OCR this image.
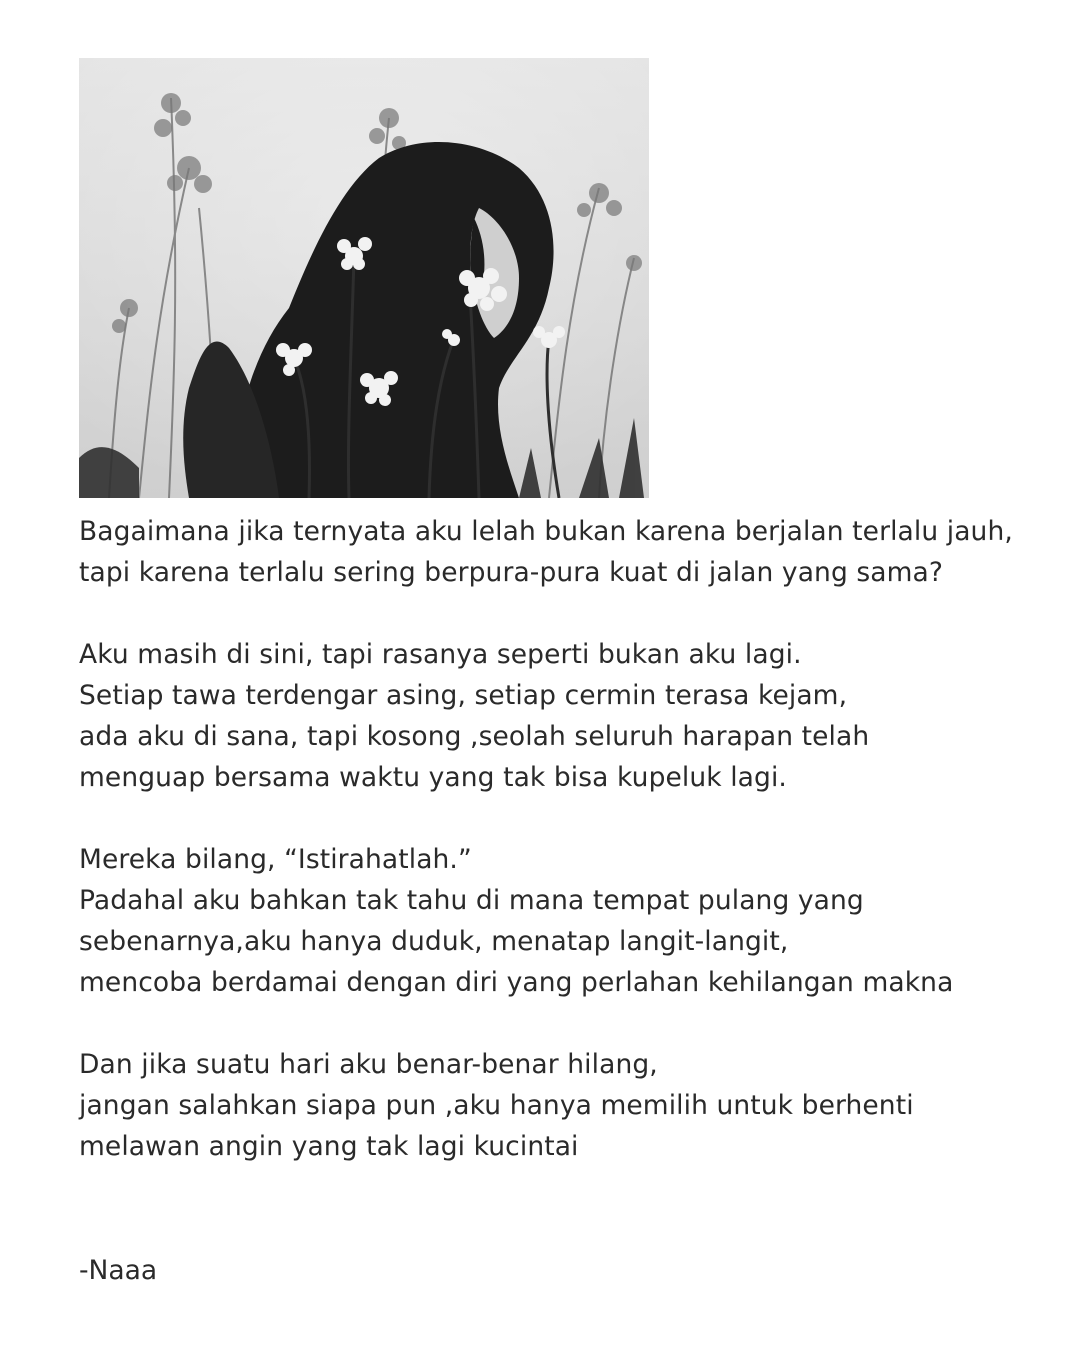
Bagaimana jika ternyata aku lelah bukan karena berjalan terlalu jauh,
tapi karena terlalu sering berpura-pura kuat di jalan yang sama?
Aku masih di sini, tapi rasanya seperti bukan aku lagi.
Setiap tawa terdengar asing, setiap cermin terasa kejam,
ada aku di sana, tapi kosong ,seolah seluruh harapan telah
menguap bersama waktu yang tak bisa kupeluk lagi.
Mereka bilang, “Istirahatlah.”
Padahal aku bahkan tak tahu di mana tempat pulang yang
sebenarnya,aku hanya duduk, menatap langit-langit,
mencoba berdamai dengan diri yang perlahan kehilangan makna
Dan jika suatu hari aku benar-benar hilang,
jangan salahkan siapa pun ,aku hanya memilih untuk berhenti
melawan angin yang tak lagi kucintai
-Naaa
